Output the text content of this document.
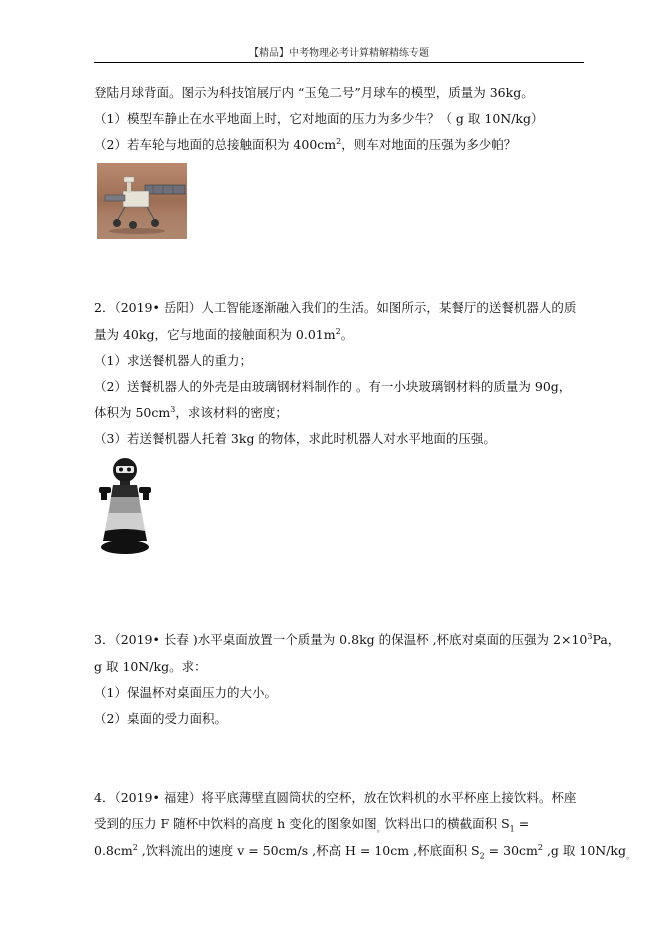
【精品】中考物理必考计算精解精练专题
登陆月球背面。图示为科技馆展厅内 “玉兔二号”月球车的模型，质量为 36kg。
（1）模型车静止在水平地面上时，它对地面的压力为多少牛？（ g 取 10N/kg）
（2）若车轮与地面的总接触面积为 $400cm^2$，则车对地面的压强为多少帕？
2．（2019• 岳阳）人工智能逐渐融入我们的生活。如图所示，某餐厅的送餐机器人的质
量为 40kg，它与地面的接触面积为 $0.01m^2$。
（1）求送餐机器人的重力；
（2）送餐机器人的外壳是由玻璃钢材料制作的 。有一小块玻璃钢材料的质量为 90g，
体积为 $50cm^3$，求该材料的密度；
（3）若送餐机器人托着 3kg 的物体，求此时机器人对水平地面的压强。
3．（2019• 长春 )水平桌面放置一个质量为 0.8kg 的保温杯 ,杯底对桌面的压强为 $2\times 10^3Pa$，
g 取 10N/kg。求：
（1）保温杯对桌面压力的大小。
（2）桌面的受力面积。
4．（2019• 福建）将平底薄壁直圆筒状的空杯，放在饮料机的水平杯座上接饮料。杯座
受到的压力 F 随杯中饮料的高度 h 变化的图象如图$_。$饮料出口的横截面积 $S_1$ =
$0.8cm^2$ ,饮料流出的速度 v = 50cm/s ,杯高 H = 10cm ,杯底面积 $S_2 = 30cm^2$ ,g 取 $10N/kg_。$
